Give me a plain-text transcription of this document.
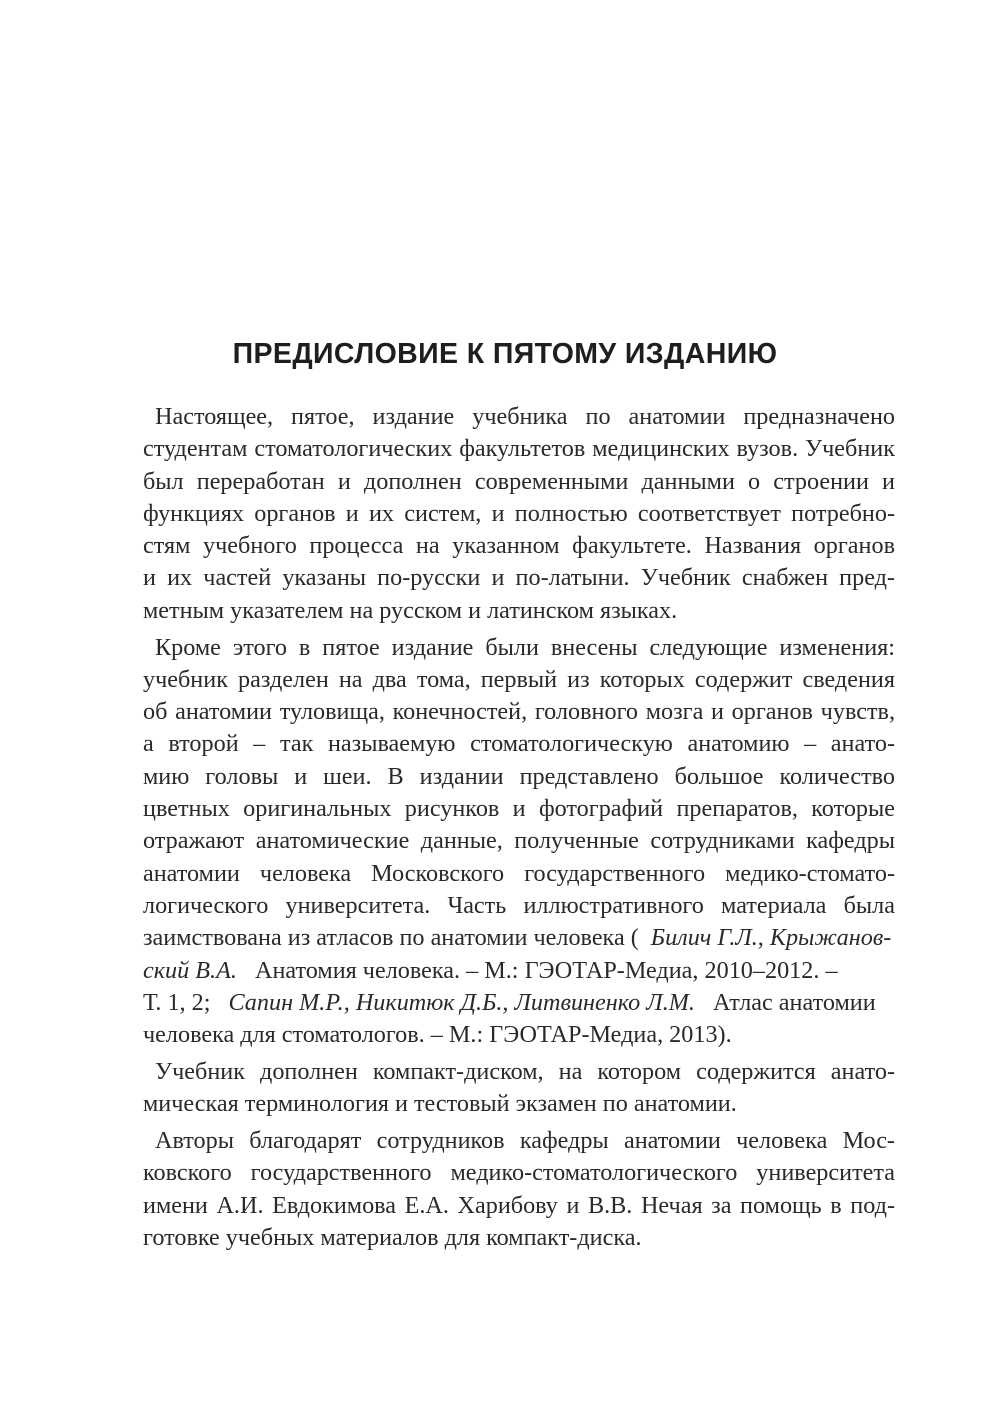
ПРЕДИСЛОВИЕ К ПЯТОМУ ИЗДАНИЮ
Настоящее, пятое, издание учебника по анатомии предназначено
студентам стоматологических факультетов медицинских вузов. Учебник
был переработан и дополнен современными данными о строении и
функциях органов и их систем, и полностью соответствует потребно-
стям учебного процесса на указанном факультете. Названия органов
и их частей указаны по-русски и по-латыни. Учебник снабжен пред-
метным указателем на русском и латинском языках.
Кроме этого в пятое издание были внесены следующие изменения:
учебник разделен на два тома, первый из которых содержит сведения
об анатомии туловища, конечностей, головного мозга и органов чувств,
а второй – так называемую стоматологическую анатомию – анато-
мию головы и шеи. В издании представлено большое количество
цветных оригинальных рисунков и фотографий препаратов, которые
отражают анатомические данные, полученные сотрудниками кафедры
анатомии человека Московского государственного медико-стомато-
логического университета. Часть иллюстративного материала была
заимствована из атласов по анатомии человека ( Билич Г.Л., Крыжанов-
ский В.А. Анатомия человека. – М.: ГЭОТАР-Медиа, 2010–2012. –
Т. 1, 2; Сапин М.Р., Никитюк Д.Б., Литвиненко Л.М. Атлас анатомии
человека для стоматологов. – М.: ГЭОТАР-Медиа, 2013).
Учебник дополнен компакт-диском, на котором содержится анато-
мическая терминология и тестовый экзамен по анатомии.
Авторы благодарят сотрудников кафедры анатомии человека Мос-
ковского государственного медико-стоматологического университета
имени А.И. Евдокимова Е.А. Харибову и В.В. Нечая за помощь в под-
готовке учебных материалов для компакт-диска.
